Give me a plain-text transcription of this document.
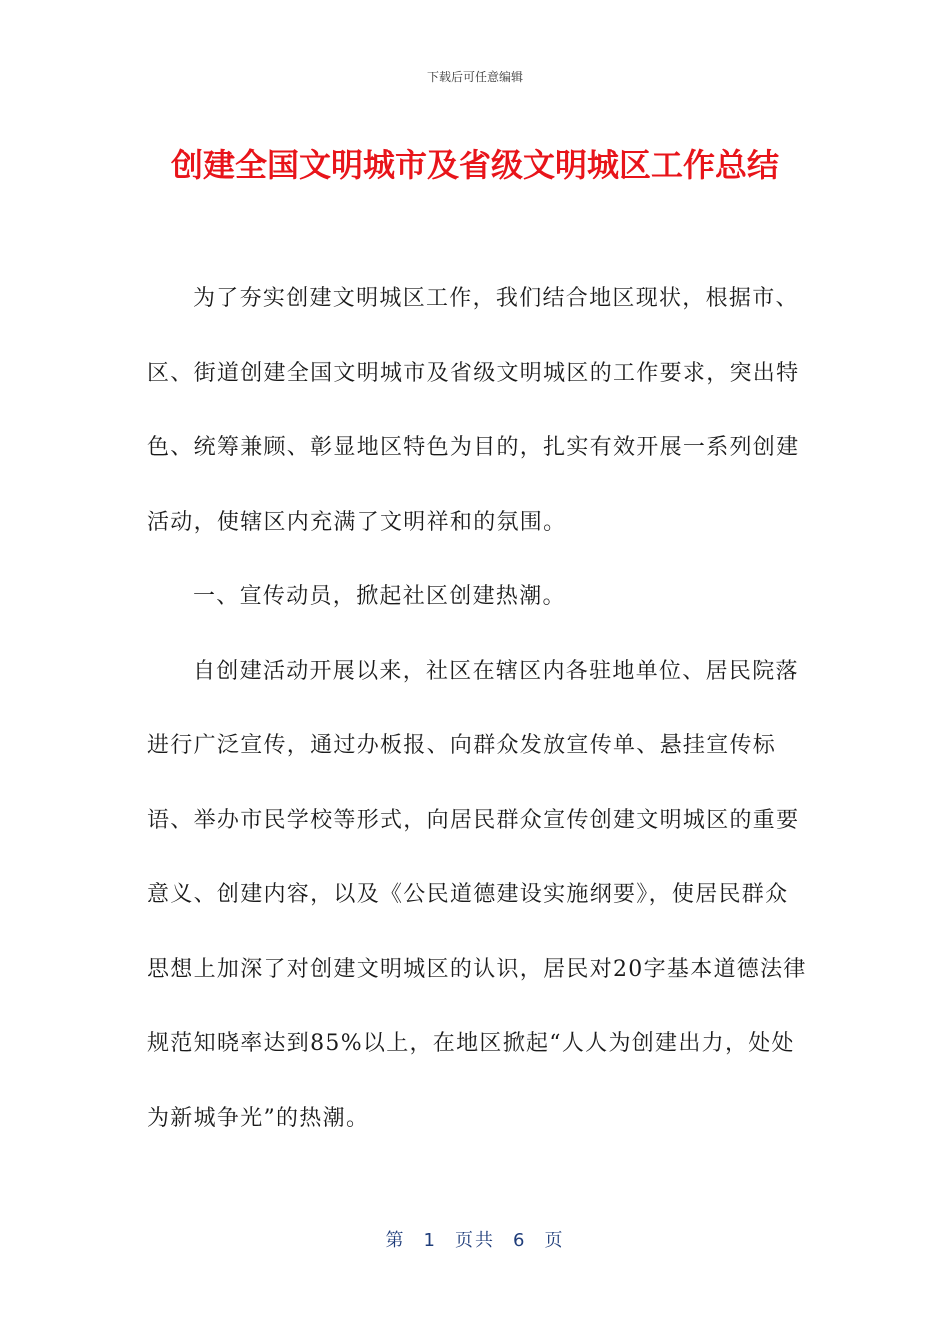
下载后可任意编辑
创建全国文明城市及省级文明城区工作总结

为了夯实创建文明城区工作，我们结合地区现状，根据市、区、街道创建全国文明城市及省级文明城区的工作要求，突出特色、统筹兼顾、彰显地区特色为目的，扎实有效开展一系列创建活动，使辖区内充满了文明祥和的氛围。

一、宣传动员，掀起社区创建热潮。

自创建活动开展以来，社区在辖区内各驻地单位、居民院落进行广泛宣传，通过办板报、向群众发放宣传单、悬挂宣传标语、举办市民学校等形式，向居民群众宣传创建文明城区的重要意义、创建内容，以及《公民道德建设实施纲要》，使居民群众思想上加深了对创建文明城区的认识，居民对20字基本道德法律规范知晓率达到85%以上，在地区掀起“人人为创建出力，处处为新城争光”的热潮。

第 1 页共 6 页
